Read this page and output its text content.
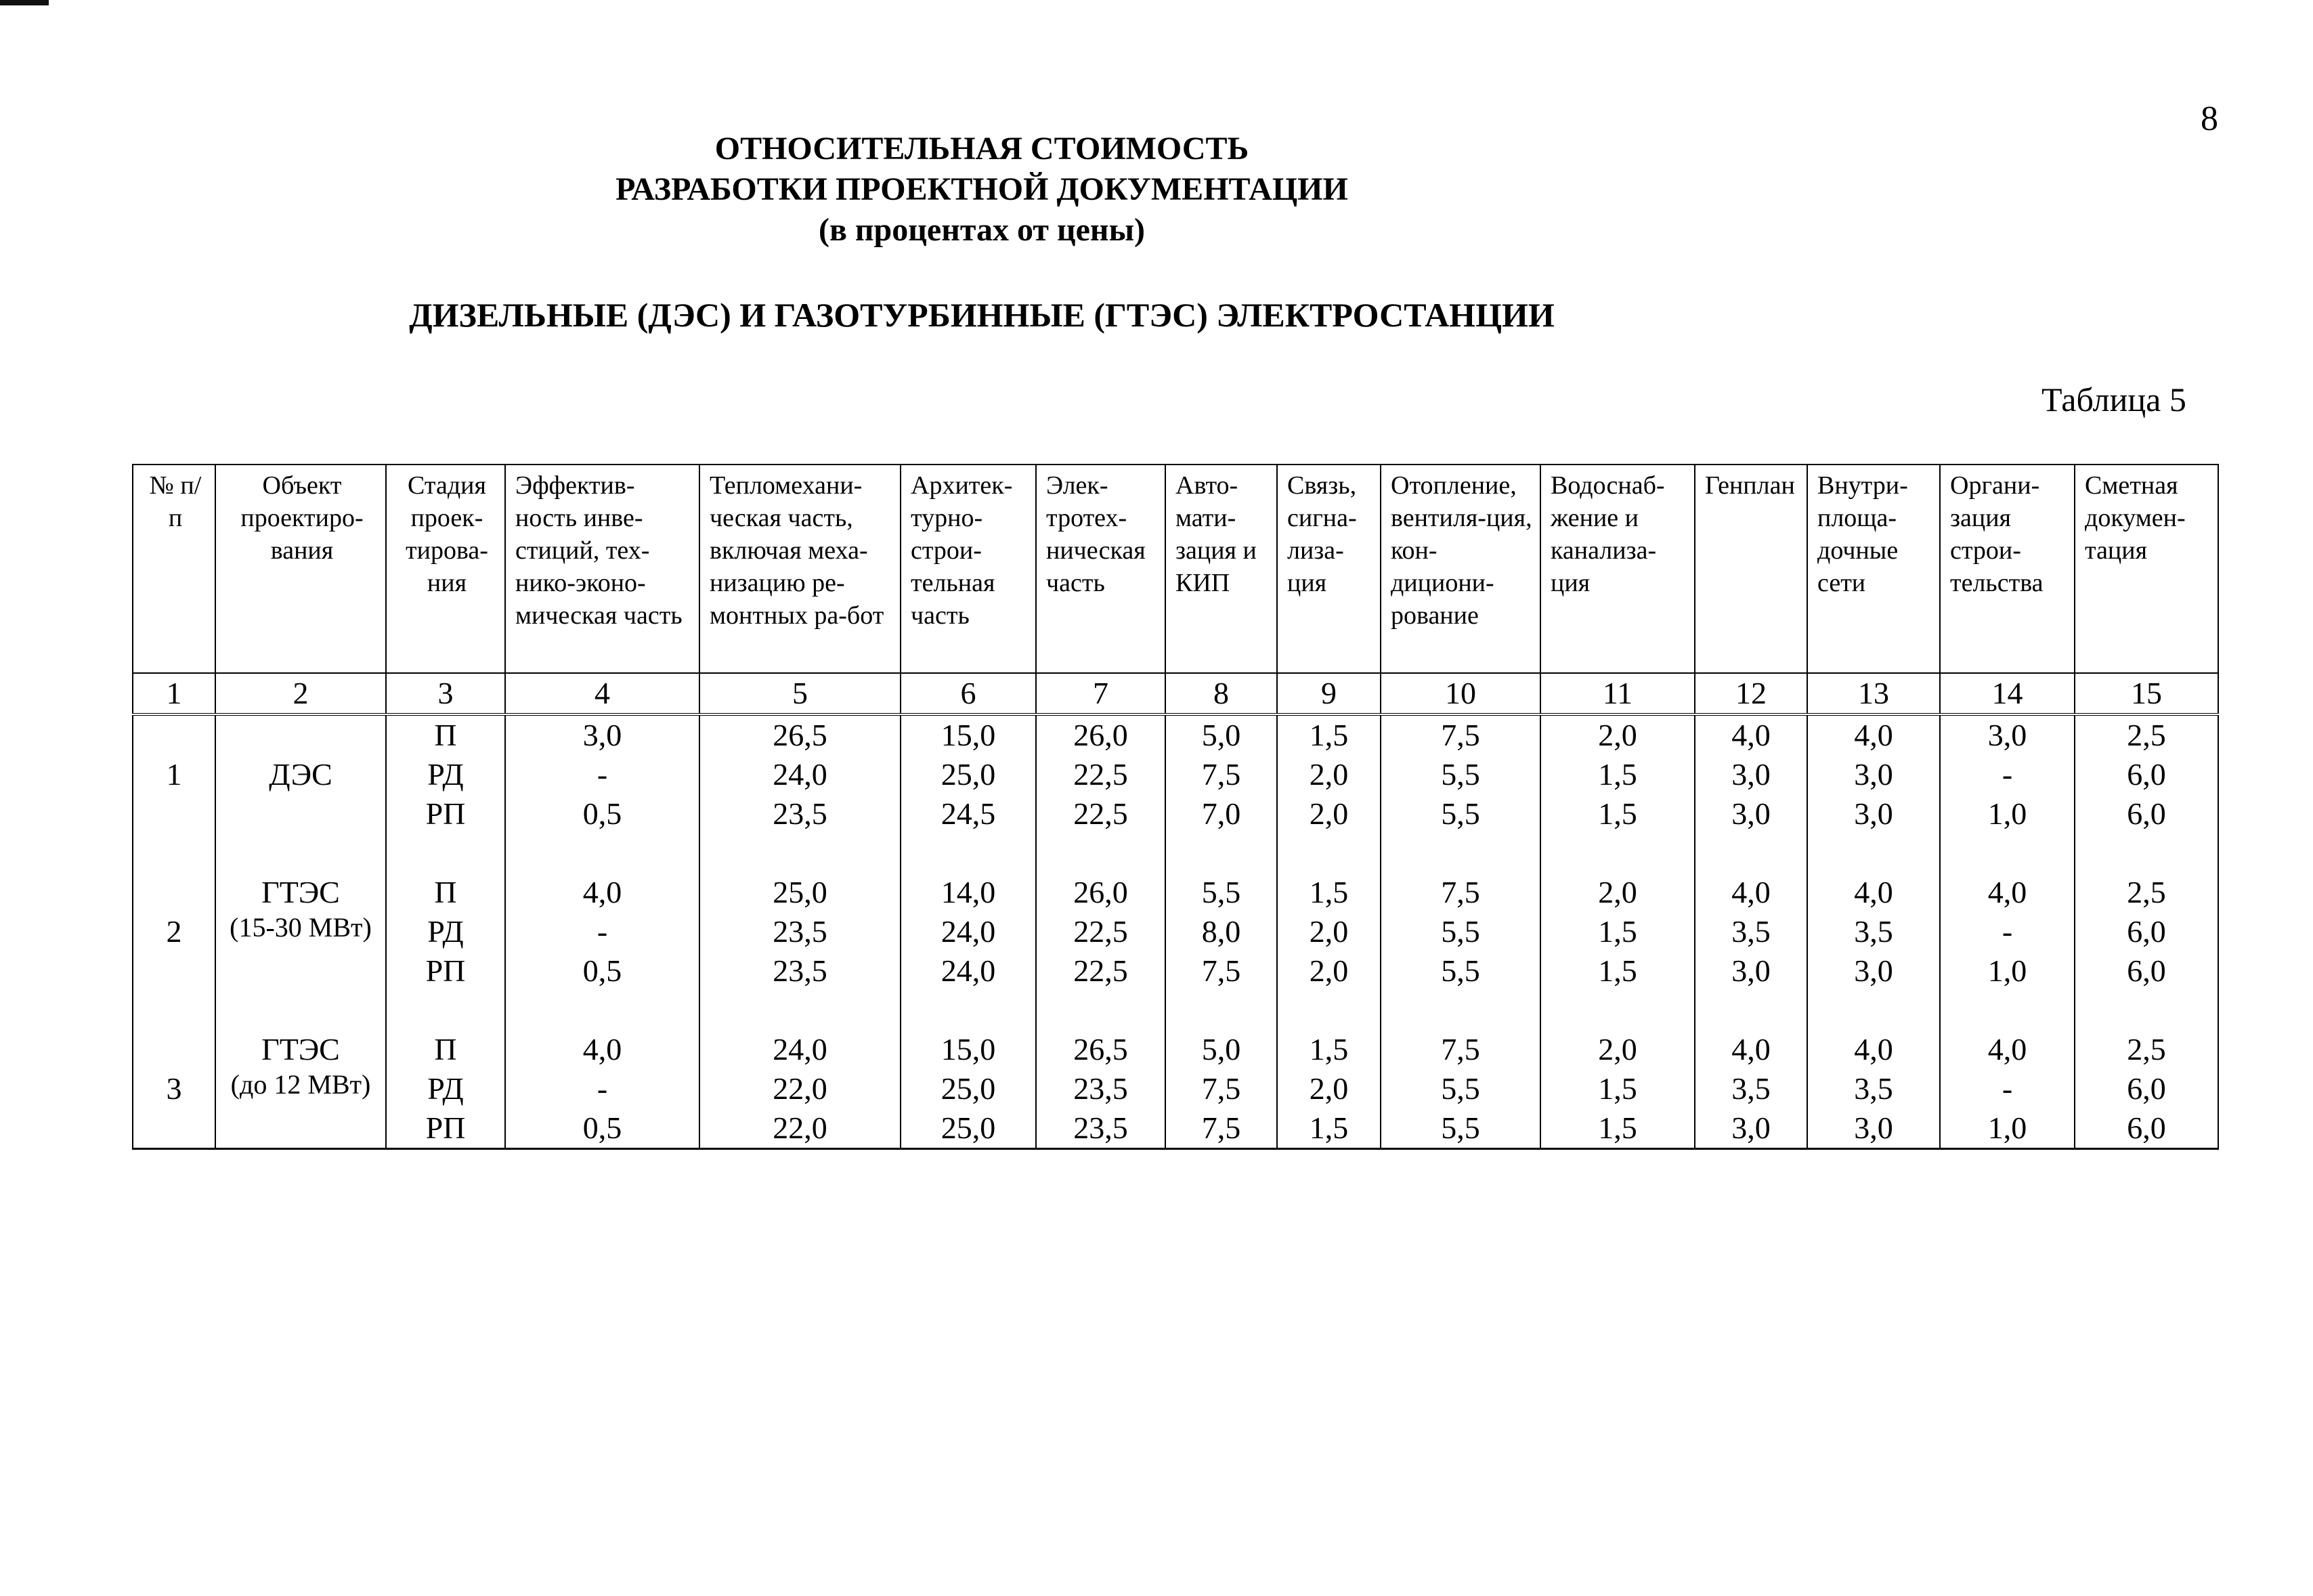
8
ОТНОСИТЕЛЬНАЯ СТОИМОСТЬ
РАЗРАБОТКИ ПРОЕКТНОЙ ДОКУМЕНТАЦИИ
(в процентах от цены)
ДИЗЕЛЬНЫЕ (ДЭС) И ГАЗОТУРБИННЫЕ (ГТЭС) ЭЛЕКТРОСТАНЦИИ
Таблица 5
№ п/п	Объект проектиро-вания	Стадия проек-тирова-ния	Эффектив-ность инве-стиций, тех-нико-эконо-мическая часть	Тепломехани-ческая часть, включая меха-низацию ре-монтных ра-бот	Архитек-турно-строи-тельная часть	Элек-тротех-ническая часть	Авто-мати-зация и КИП	Связь, сигна-лиза-ция	Отопление, вентиля-ция, кон-дициони-рование	Водоснаб-жение и канализа-ция	Генплан	Внутри-площа-дочные сети	Органи-зация строи-тельства	Сметная докумен-тация
1	2	3	4	5	6	7	8	9	10	11	12	13	14	15
		П	3,0	26,5	15,0	26,0	5,0	1,5	7,5	2,0	4,0	4,0	3,0	2,5
1	ДЭС	РД	-	24,0	25,0	22,5	7,5	2,0	5,5	1,5	3,0	3,0	-	6,0
		РП	0,5	23,5	24,5	22,5	7,0	2,0	5,5	1,5	3,0	3,0	1,0	6,0

	ГТЭС	П	4,0	25,0	14,0	26,0	5,5	1,5	7,5	2,0	4,0	4,0	4,0	2,5
2	(15-30 МВт)	РД	-	23,5	24,0	22,5	8,0	2,0	5,5	1,5	3,5	3,5	-	6,0
		РП	0,5	23,5	24,0	22,5	7,5	2,0	5,5	1,5	3,0	3,0	1,0	6,0

	ГТЭС	П	4,0	24,0	15,0	26,5	5,0	1,5	7,5	2,0	4,0	4,0	4,0	2,5
3	(до 12 МВт)	РД	-	22,0	25,0	23,5	7,5	2,0	5,5	1,5	3,5	3,5	-	6,0
		РП	0,5	22,0	25,0	23,5	7,5	1,5	5,5	1,5	3,0	3,0	1,0	6,0
